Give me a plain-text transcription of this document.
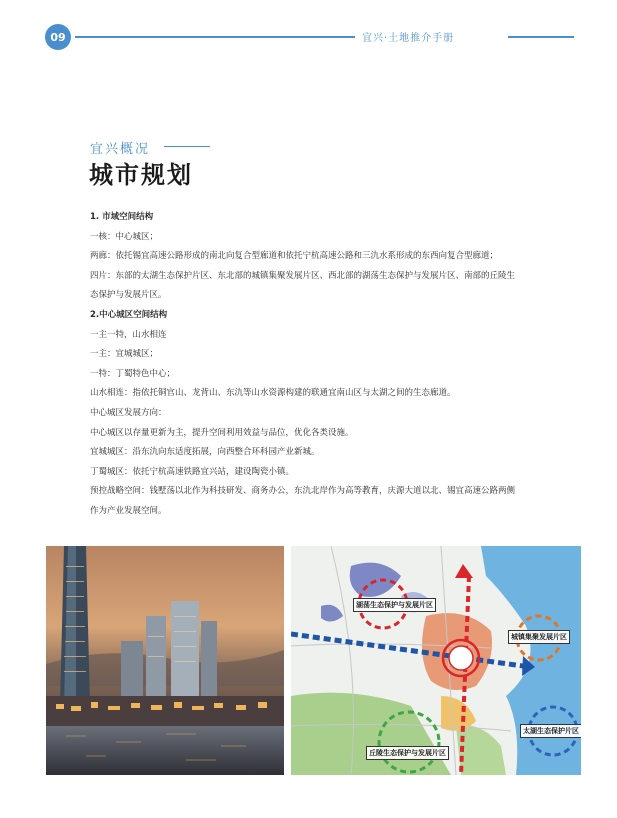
09	宜兴·土地推介手册
宜兴概况
城市规划
1. 市域空间结构
一核：中心城区；
两廊：依托锡宜高速公路形成的南北向复合型廊道和依托宁杭高速公路和三氿水系形成的东西向复合型廊道；
四片：东部的太湖生态保护片区、东北部的城镇集聚发展片区、西北部的湖荡生态保护与发展片区、南部的丘陵生
态保护与发展片区。
2.中心城区空间结构
一主一特，山水相连
一主：宜城城区；
一特：丁蜀特色中心；
山水相连：指依托铜官山、龙背山、东氿等山水资源构建的联通宜南山区与太湖之间的生态廊道。
中心城区发展方向：
中心城区以存量更新为主，提升空间利用效益与品位，优化各类设施。
宜城城区：沿东氿向东适度拓展，向西整合环科园产业新城。
丁蜀城区：依托宁杭高速铁路宜兴站，建设陶瓷小镇。
预控战略空间：钱墅荡以北作为科技研发、商务办公，东氿北岸作为高等教育，庆源大道以北、锡宜高速公路两侧
作为产业发展空间。
湖荡生态保护与发展片区
城镇集聚发展片区
太湖生态保护片区
丘陵生态保护与发展片区
